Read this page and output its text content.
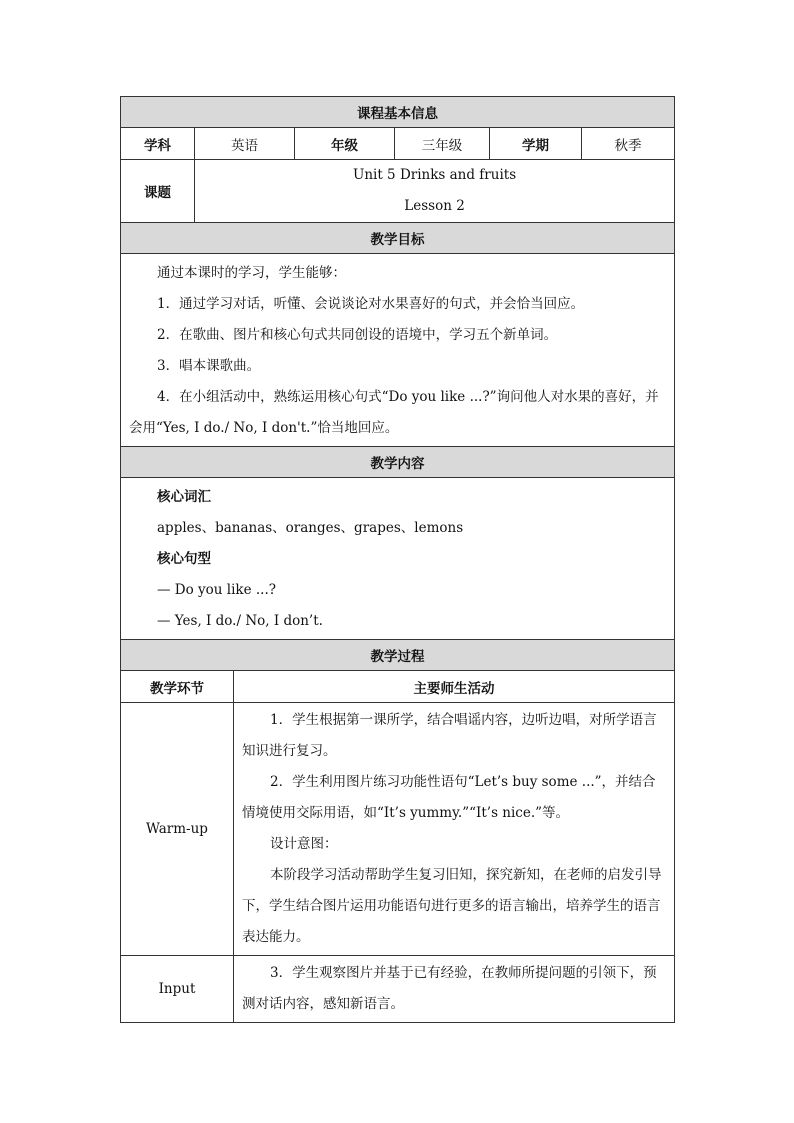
课程基本信息						
学科	英语		年级	三年级	学期	秋季
课题	Unit 5 Drinks and fruits
Lesson 2					

教学目标						

通过本课时的学习，学生能够：
1．通过学习对话，听懂、会说谈论对水果喜好的句式，并会恰当回应。
2．在歌曲、图片和核心句式共同创设的语境中，学习五个新单词。
3．唱本课歌曲。
4．在小组活动中，熟练运用核心句式“Do you like ...?”询问他人对水果的喜好，并会用“Yes, I do./ No, I don't.”恰当地回应。						

教学内容						

核心词汇
apples、bananas、oranges、grapes、lemons
核心句型
— Do you like ...?
— Yes, I do./ No, I don’t.						

教学过程						
教学环节		主要师生活动				
Warm-up		1．学生根据第一课所学，结合唱谣内容，边听边唱，对所学语言知识进行复习。

2．学生利用图片练习功能性语句“Let’s buy some ...”，并结合情境使用交际用语，如“It’s yummy.”“It’s nice.”等。

设计意图：

本阶段学习活动帮助学生复习旧知，探究新知，在老师的启发引导下，学生结合图片运用功能语句进行更多的语言输出，培养学生的语言表达能力。				

Input		3．学生观察图片并基于已有经验，在教师所提问题的引领下，预测对话内容，感知新语言。				
